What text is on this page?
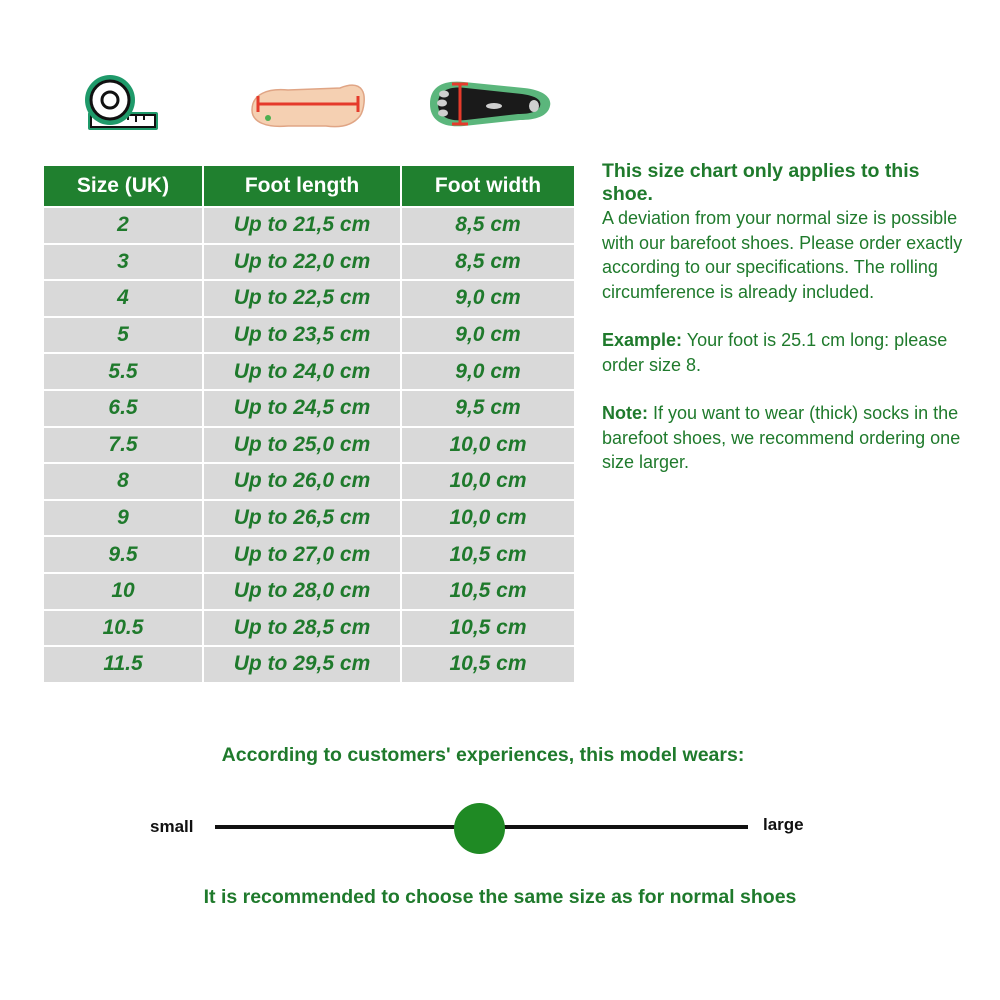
Size (UK)	Foot length	Foot width
2	Up to 21,5 cm	8,5 cm
3	Up to 22,0 cm	8,5 cm
4	Up to 22,5 cm	9,0 cm
5	Up to 23,5 cm	9,0 cm
5.5	Up to 24,0 cm	9,0 cm
6.5	Up to 24,5 cm	9,5 cm
7.5	Up to 25,0 cm	10,0 cm
8	Up to 26,0 cm	10,0 cm
9	Up to 26,5 cm	10,0 cm
9.5	Up to 27,0 cm	10,5 cm
10	Up to 28,0 cm	10,5 cm
10.5	Up to 28,5 cm	10,5 cm
11.5	Up to 29,5 cm	10,5 cm

This size chart only applies to this shoe.

A deviation from your normal size is possible with our barefoot shoes. Please order exactly according to our specifications. The rolling circumference is already included.

Example: Your foot is 25.1 cm long: please order size 8.

Note: If you want to wear (thick) socks in the barefoot shoes, we recommend ordering one size larger.

According to customers' experiences, this model wears:
small	large
It is recommended to choose the same size as for normal shoes
